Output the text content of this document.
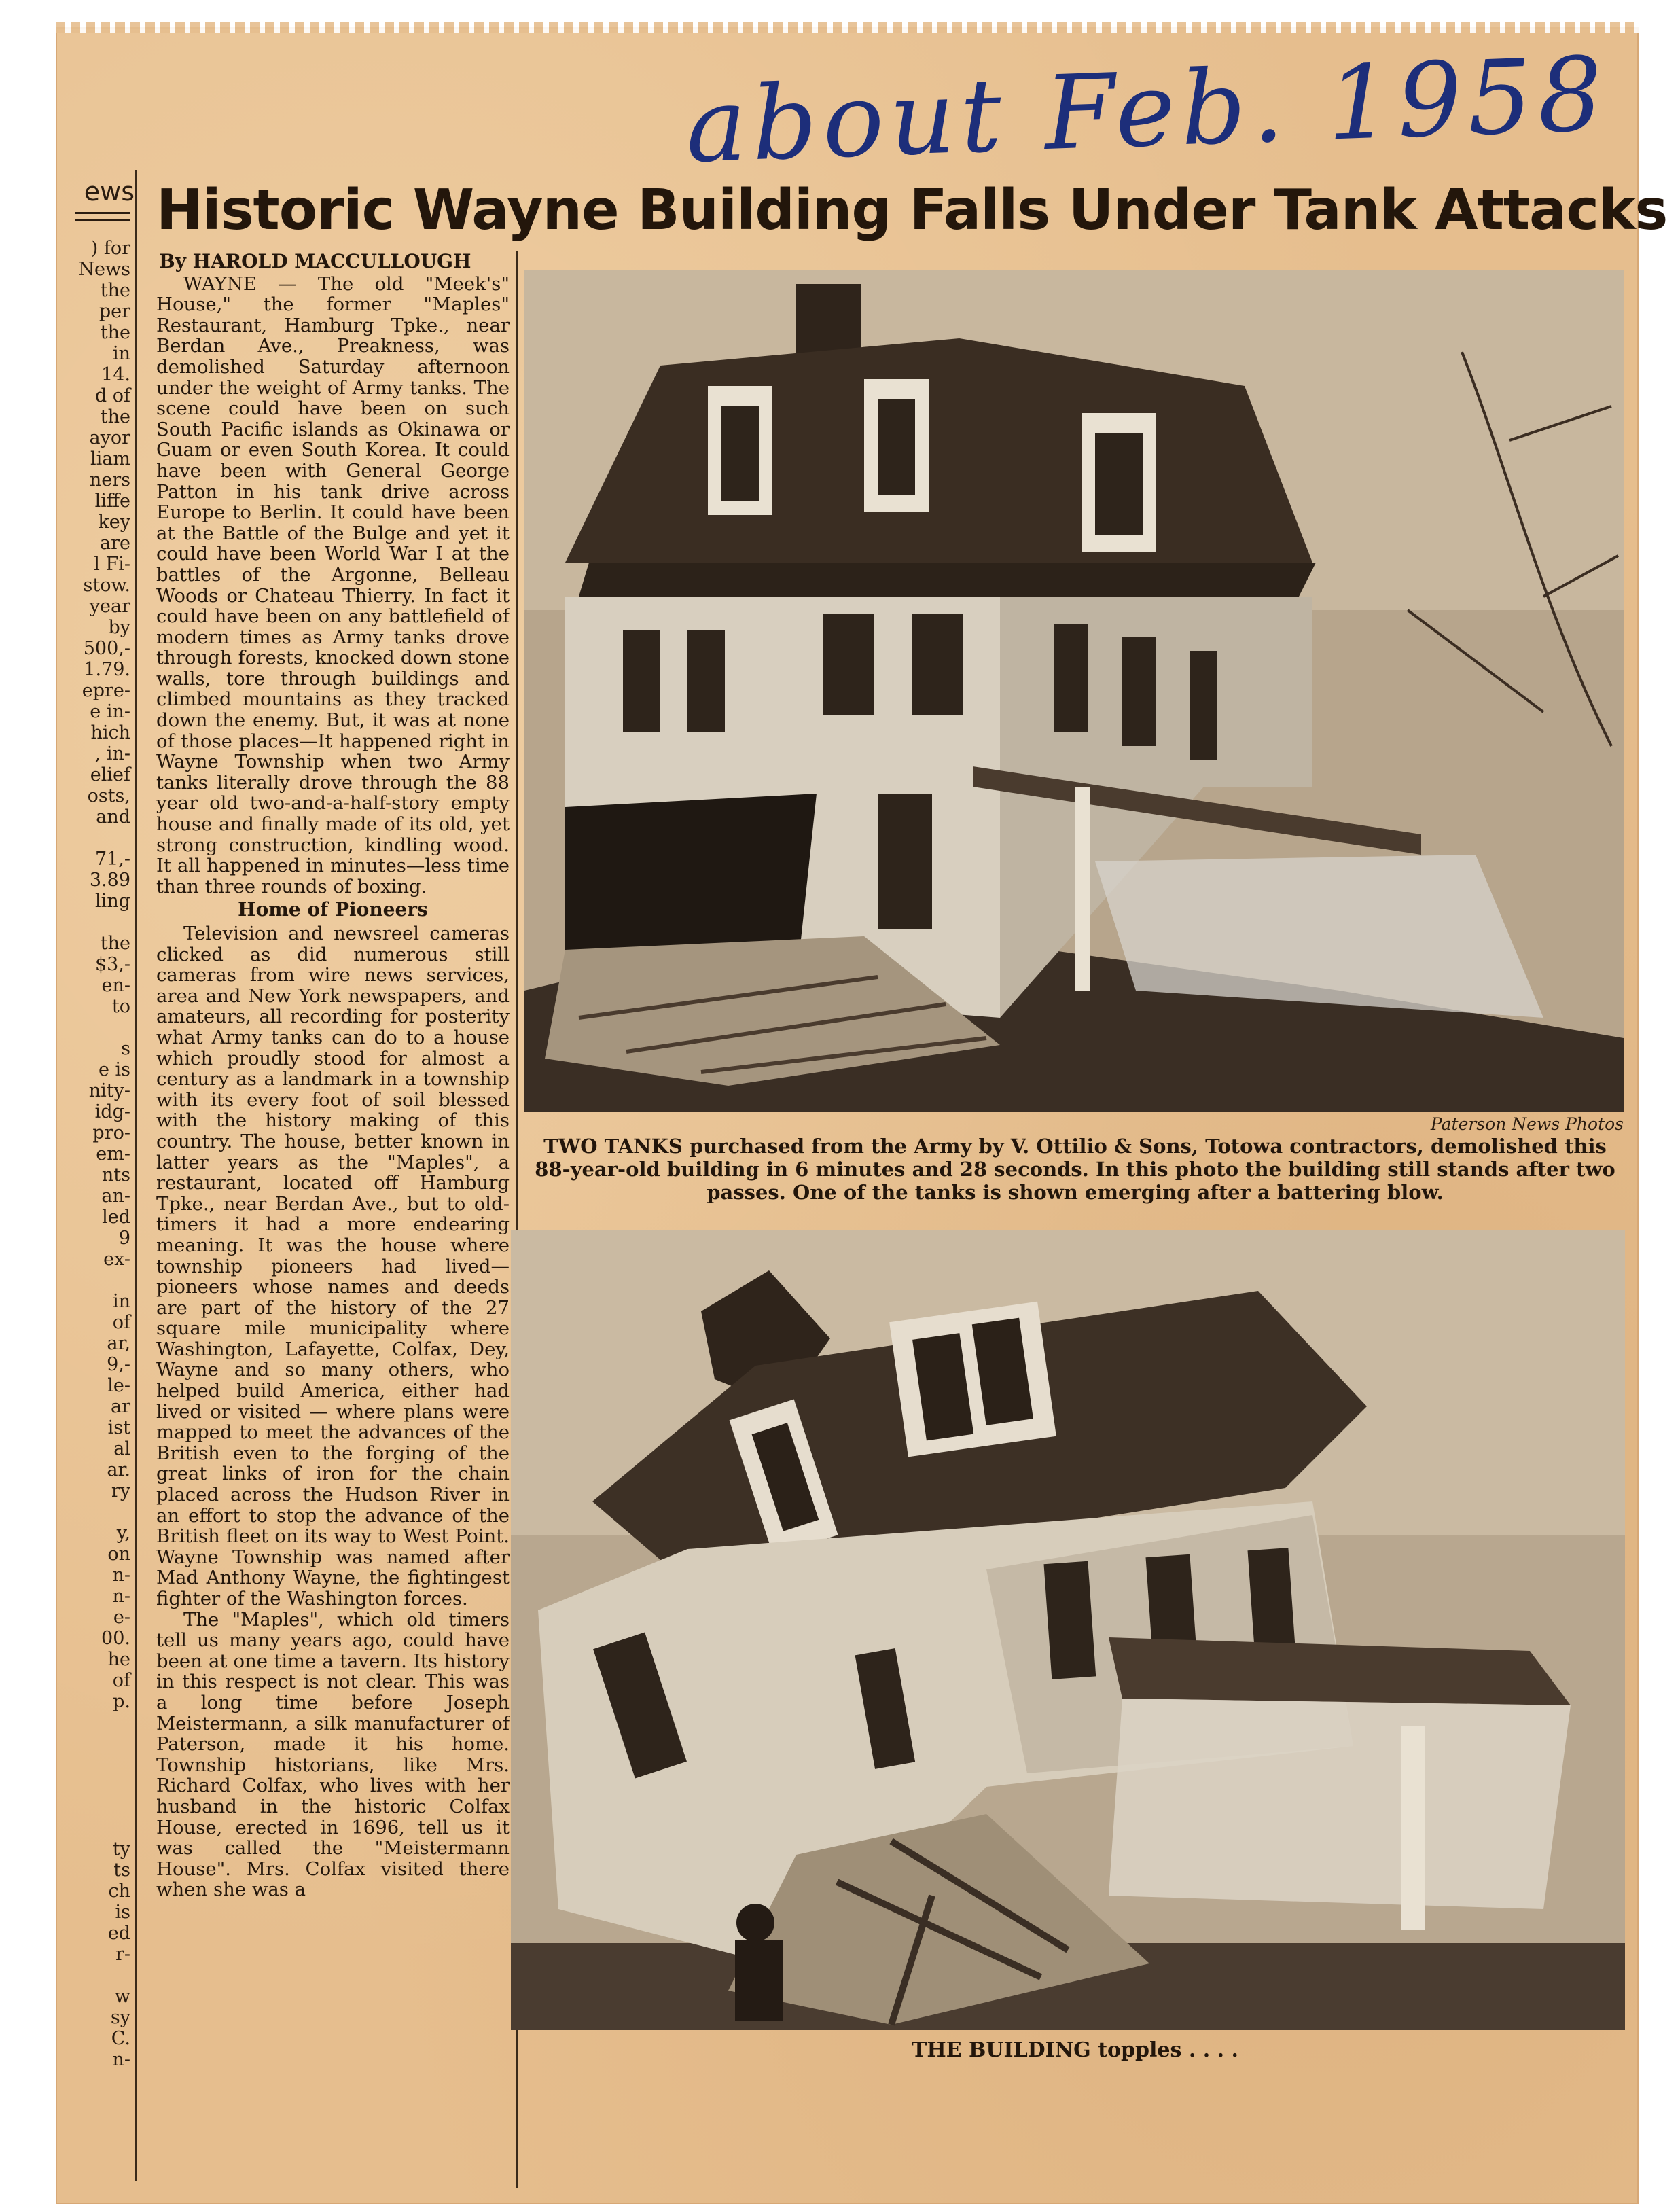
about Feb. 1958
ews
) for
News
the
per
the
in
14.
d of
the
ayor
liam
ners
liffe
key
are
l Fi-
stow.
year
by
500,-
1.79.
epre-
e in-
hich
, in-
elief
osts,
and

71,-
3.89
ling

the
$3,-
en-
to

s
e is
nity-
idg-
pro-
em-
nts
an-
led
9
ex-

in
of
ar,
9,-
le-
ar
ist
al
ar.
ry

y,
on
n-
n-
e-
00.
he
of
p.

ty
ts
ch
is
ed
r-

w
sy
C.
n-
Historic Wayne Building Falls Under Tank Attacks
By HAROLD MACCULLOUGH

WAYNE — The old "Meek's" House," the former "Maples" Restaurant, Hamburg Tpke., near Berdan Ave., Preakness, was demolished Saturday afternoon under the weight of Army tanks. The scene could have been on such South Pacific islands as Okinawa or Guam or even South Korea. It could have been with General George Patton in his tank drive across Europe to Berlin. It could have been at the Battle of the Bulge and yet it could have been World War I at the battles of the Argonne, Belleau Woods or Chateau Thierry. In fact it could have been on any battlefield of modern times as Army tanks drove through forests, knocked down stone walls, tore through buildings and climbed mountains as they tracked down the enemy. But, it was at none of those places—It happened right in Wayne Township when two Army tanks literally drove through the 88 year old two-and-a-half-story empty house and finally made of its old, yet strong construction, kindling wood. It all happened in minutes—less time than three rounds of boxing.

Home of Pioneers

Television and newsreel cameras clicked as did numerous still cameras from wire news services, area and New York newspapers, and amateurs, all recording for posterity what Army tanks can do to a house which proudly stood for almost a century as a landmark in a township with its every foot of soil blessed with the history making of this country. The house, better known in latter years as the "Maples", a restaurant, located off Hamburg Tpke., near Berdan Ave., but to old-timers it had a more endearing meaning. It was the house where township pioneers had lived—pioneers whose names and deeds are part of the history of the 27 square mile municipality where Washington, Lafayette, Colfax, Dey, Wayne and so many others, who helped build America, either had lived or visited — where plans were mapped to meet the advances of the British even to the forging of the great links of iron for the chain placed across the Hudson River in an effort to stop the advance of the British fleet on its way to West Point. Wayne Township was named after Mad Anthony Wayne, the fightingest fighter of the Washington forces.

The "Maples", which old timers tell us many years ago, could have been at one time a tavern. Its history in this respect is not clear. This was a long time before Joseph Meistermann, a silk manufacturer of Paterson, made it his home. Township historians, like Mrs. Richard Colfax, who lives with her husband in the historic Colfax House, erected in 1696, tell us it was called the "Meistermann House". Mrs. Colfax visited there when she was a

Paterson News Photos
TWO TANKS purchased from the Army by V. Ottilio & Sons, Totowa contractors, demolished this 88-year-old building in 6 minutes and 28 seconds. In this photo the building still stands after two passes. One of the tanks is shown emerging after a battering blow.
THE BUILDING topples . . . .
